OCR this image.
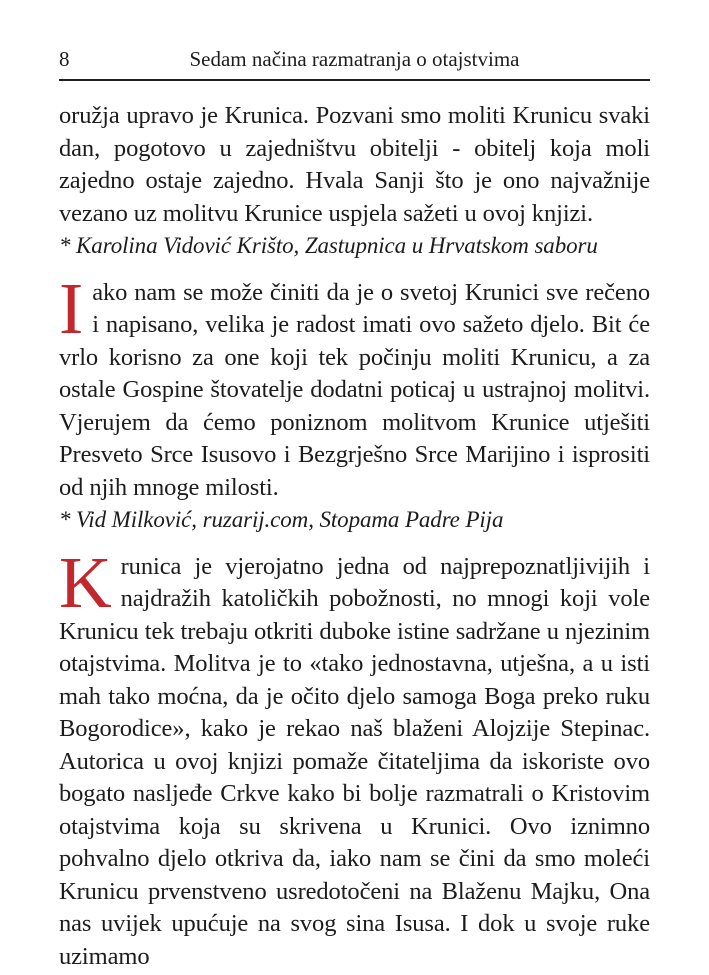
8	Sedam načina razmatranja o otajstvima

oružja upravo je Krunica. Pozvani smo moliti Krunicu svaki dan, pogotovo u zajedništvu obitelji - obitelj koja moli zajedno ostaje zajedno. Hvala Sanji što je ono najvažnije vezano uz molitvu Krunice uspjela sažeti u ovoj knjizi.

* Karolina Vidović Krišto, Zastupnica u Hrvatskom saboru

Iako nam se može činiti da je o svetoj Krunici sve rečeno i napisano, velika je radost imati ovo sažeto djelo. Bit će vrlo korisno za one koji tek počinju moliti Krunicu, a za ostale Gospine štovatelje dodatni poticaj u ustrajnoj molitvi. Vjerujem da ćemo poniznom molitvom Krunice utješiti Presveto Srce Isusovo i Bezgrješno Srce Marijino i isprositi od njih mnoge milosti.

* Vid Milković, ruzarij.com, Stopama Padre Pija

Krunica je vjerojatno jedna od najprepoznatljivijih i najdražih katoličkih pobožnosti, no mnogi koji vole Krunicu tek trebaju otkriti duboke istine sadržane u njezinim otajstvima. Molitva je to «tako jednostavna, utješna, a u isti mah tako moćna, da je očito djelo samoga Boga preko ruku Bogorodice», kako je rekao naš blaženi Alojzije Stepinac. Autorica u ovoj knjizi pomaže čitateljima da iskoriste ovo bogato nasljeđe Crkve kako bi bolje razmatrali o Kristovim otajstvima koja su skrivena u Krunici. Ovo iznimno pohvalno djelo otkriva da, iako nam se čini da smo moleći Krunicu prvenstveno usredotočeni na Blaženu Majku, Ona nas uvijek upućuje na svog sina Isusa. I dok u svoje ruke uzimamo
